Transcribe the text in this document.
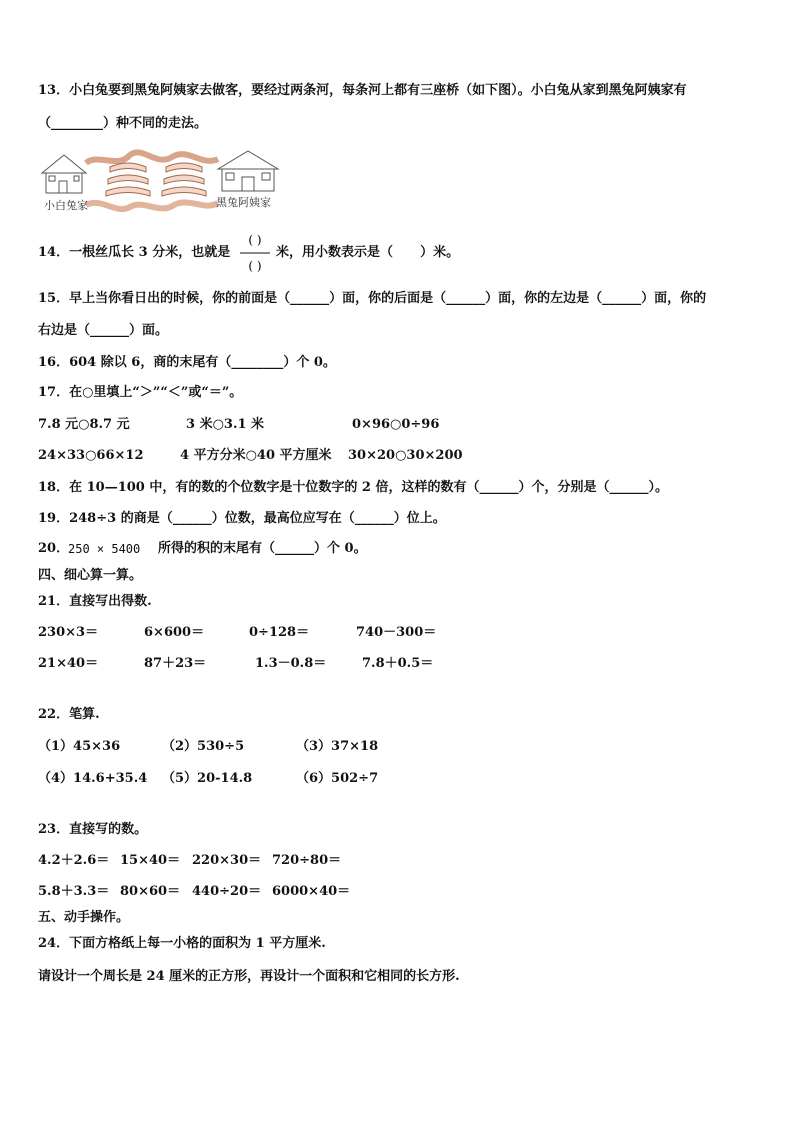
13．小白兔要到黑兔阿姨家去做客，要经过两条河，每条河上都有三座桥（如下图）。小白兔从家到黑兔阿姨家有
（________）种不同的走法。
小白兔家	黑兔阿姨家
14．一根丝瓜长 3 分米，也就是
( )
( )
米，用小数表示是（      ）米。
15．早上当你看日出的时候，你的前面是（______）面，你的后面是（______）面，你的左边是（______）面，你的
右边是（______）面。
16．604 除以 6，商的末尾有（________）个 0。
17．在○里填上“＞”“＜”或“＝”。
7.8 元○8.7 元	3 米○3.1 米	0×96○0÷96
24×33○66×12	4 平方分米○40 平方厘米 30×20○30×200
18．在 10—100 中，有的数的个位数字是十位数字的 2 倍，这样的数有（______）个，分别是（______）。
19．248÷3 的商是（______）位数，最高位应写在（______）位上。
20．
250 × 5400 所得的积的末尾有（______）个 0。
四、细心算一算。
21．直接写出得数.
230×3＝	6×600＝	0÷128＝	740－300＝
21×40＝	87＋23＝	1.3－0.8＝	7.8＋0.5＝
22．笔算.
（1）45×36	（2）530÷5	（3）37×18
（4）14.6+35.4 （5）20-14.8	（6）502÷7
23．直接写的数。
4.2＋2.6＝ 15×40＝ 220×30＝ 720÷80＝
5.8＋3.3＝ 80×60＝ 440÷20＝ 6000×40＝
五、动手操作。
24．下面方格纸上每一小格的面积为 1 平方厘米.
请设计一个周长是 24 厘米的正方形，再设计一个面积和它相同的长方形.
